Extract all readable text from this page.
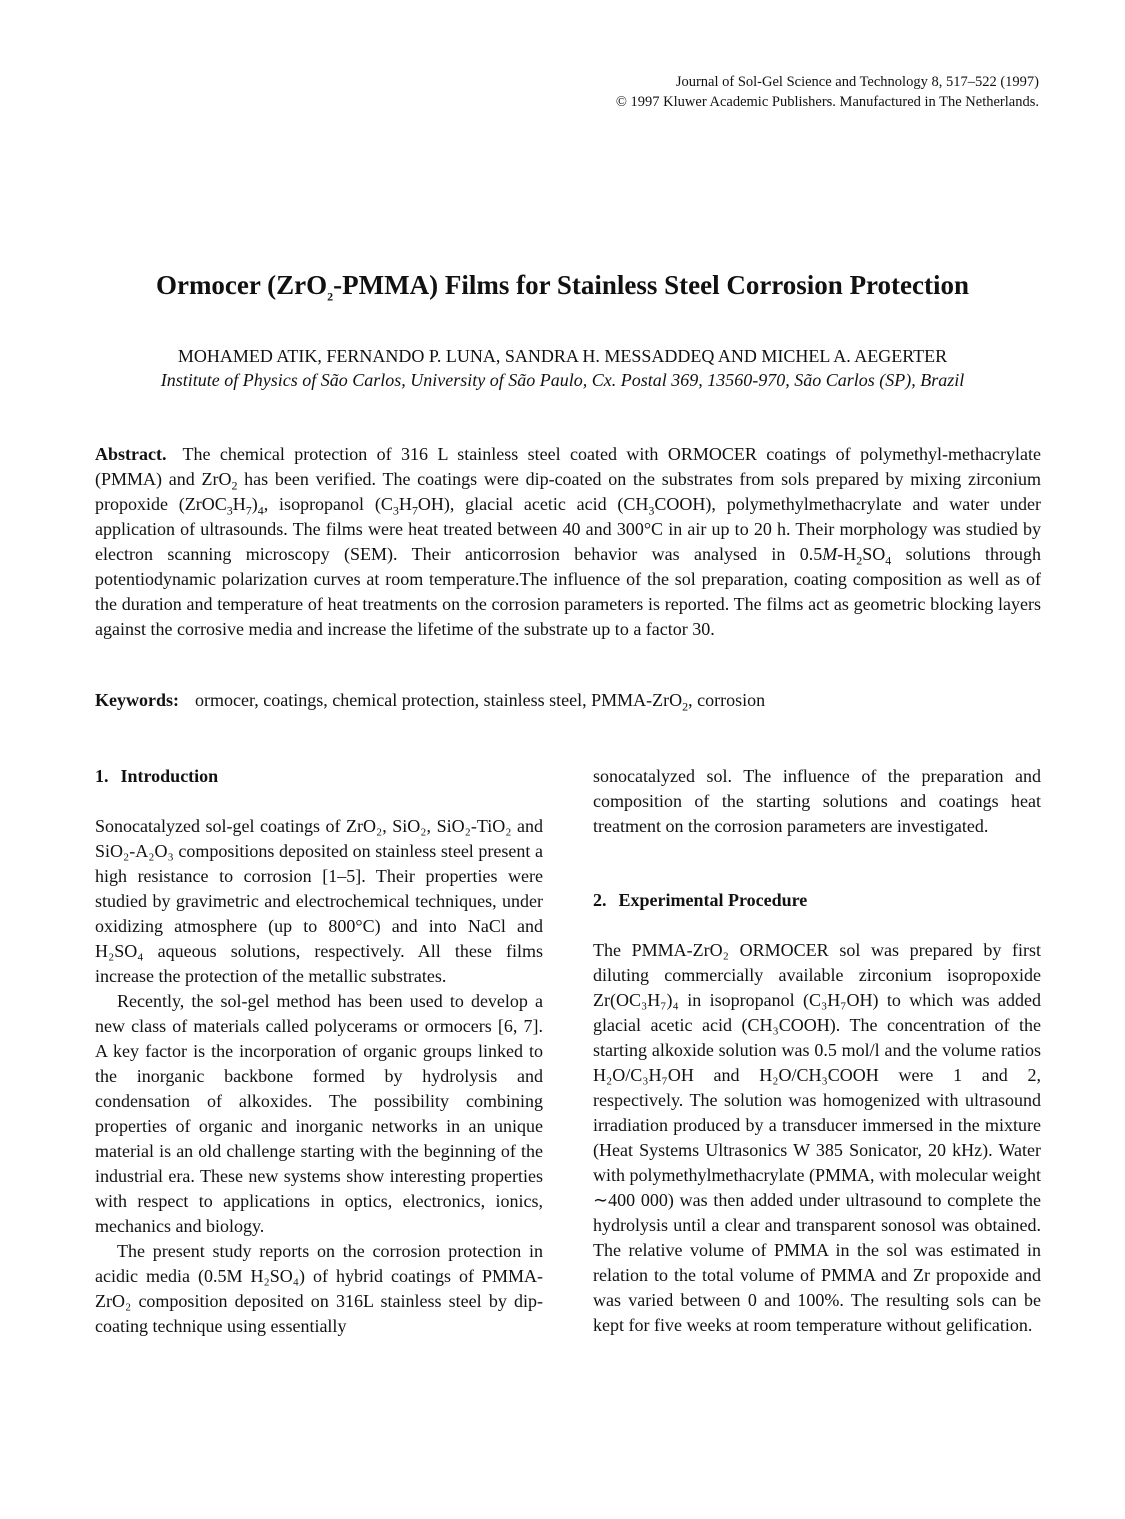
Journal of Sol-Gel Science and Technology 8, 517–522 (1997)
© 1997 Kluwer Academic Publishers. Manufactured in The Netherlands.
Ormocer (ZrO$_2$-PMMA) Films for Stainless Steel Corrosion Protection
MOHAMED ATIK, FERNANDO P. LUNA, SANDRA H. MESSADDEQ AND MICHEL A. AEGERTER
Institute of Physics of São Carlos, University of São Paulo, Cx. Postal 369, 13560-970, São Carlos (SP), Brazil
Abstract. The chemical protection of 316 L stainless steel coated with ORMOCER coatings of polymethyl-methacrylate (PMMA) and ZrO$_2$ has been verified. The coatings were dip-coated on the substrates from sols prepared by mixing zirconium propoxide $(ZrOC_3H_7)_4$, isopropanol $(C_3H_7OH)$, glacial acetic acid $(CH_3COOH)$, polymethylmethacrylate and water under application of ultrasounds. The films were heat treated between 40 and 300°C in air up to 20 h. Their morphology was studied by electron scanning microscopy (SEM). Their anticorrosion behavior was analysed in $0.5M-H_2SO_4$ solutions through potentiodynamic polarization curves at room temperature.The influence of the sol preparation, coating composition as well as of the duration and temperature of heat treatments on the corrosion parameters is reported. The films act as geometric blocking layers against the corrosive media and increase the lifetime of the substrate up to a factor 30.
Keywords: ormocer, coatings, chemical protection, stainless steel, PMMA-ZrO$_2$, corrosion
1. Introduction

Sonocatalyzed sol-gel coatings of ZrO₂, SiO₂, SiO₂-TiO₂ and SiO₂-A₂O₃ compositions deposited on stainless steel present a high resistance to corrosion [1–5]. Their properties were studied by gravimetric and electrochemical techniques, under oxidizing atmosphere (up to 800°C) and into NaCl and H₂SO₄ aqueous solutions, respectively. All these films increase the protection of the metallic substrates.

Recently, the sol-gel method has been used to develop a new class of materials called polycerams or ormocers [6, 7]. A key factor is the incorporation of organic groups linked to the inorganic backbone formed by hydrolysis and condensation of alkoxides. The possibility combining properties of organic and inorganic networks in an unique material is an old challenge starting with the beginning of the industrial era. These new systems show interesting properties with respect to applications in optics, electronics, ionics, mechanics and biology.

The present study reports on the corrosion protection in acidic media (0.5M H₂SO₄) of hybrid coatings of PMMA-ZrO₂ composition deposited on 316L stainless steel by dip-coating technique using essentially

sonocatalyzed sol. The influence of the preparation and composition of the starting solutions and coatings heat treatment on the corrosion parameters are investigated.

2. Experimental Procedure

The PMMA-ZrO₂ ORMOCER sol was prepared by first diluting commercially available zirconium isopropoxide Zr(OC₃H₇)₄ in isopropanol (C₃H₇OH) to which was added glacial acetic acid (CH₃COOH). The concentration of the starting alkoxide solution was 0.5 mol/l and the volume ratios H₂O/C₃H₇OH and H₂O/CH₃COOH were 1 and 2, respectively. The solution was homogenized with ultrasound irradiation produced by a transducer immersed in the mixture (Heat Systems Ultrasonics W 385 Sonicator, 20 kHz). Water with polymethylmethacrylate (PMMA, with molecular weight ∼400 000) was then added under ultrasound to complete the hydrolysis until a clear and transparent sonosol was obtained. The relative volume of PMMA in the sol was estimated in relation to the total volume of PMMA and Zr propoxide and was varied between 0 and 100%. The resulting sols can be kept for five weeks at room temperature without gelification.
